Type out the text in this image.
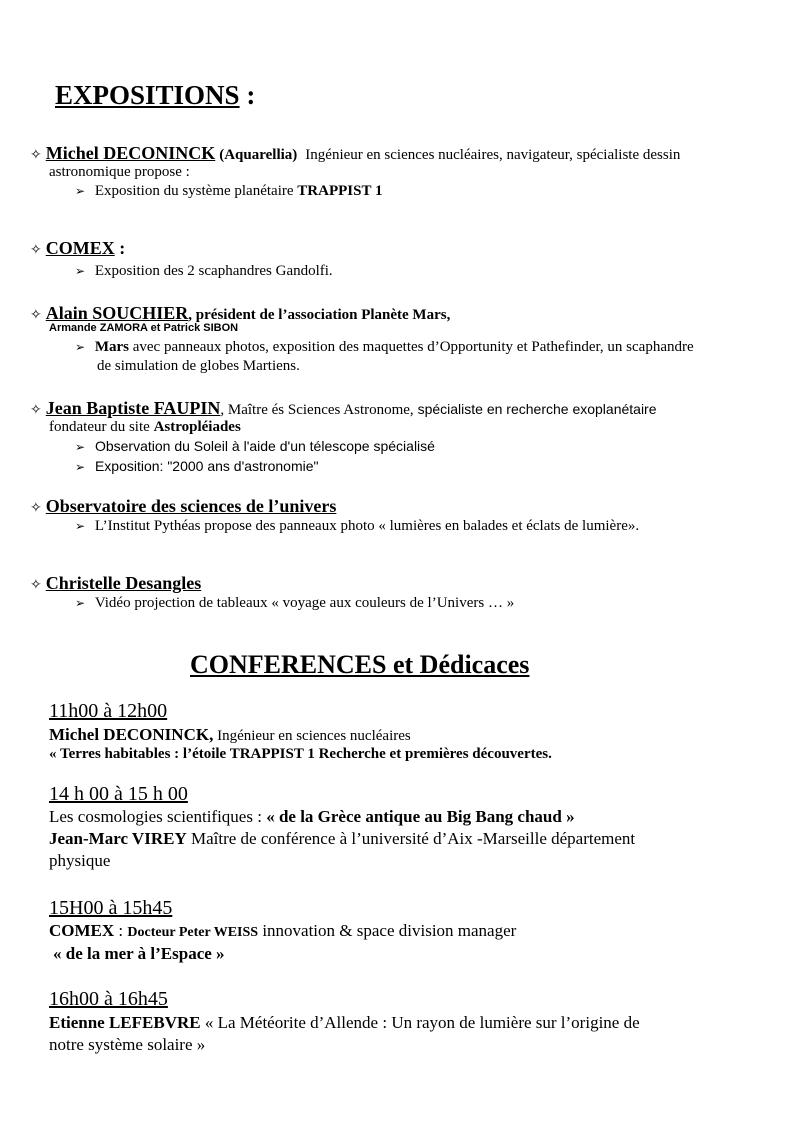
EXPOSITIONS :
✧ Michel DECONINCK (Aquarellia) Ingénieur en sciences nucléaires, navigateur, spécialiste dessin
astronomique propose :
➢ Exposition du système planétaire TRAPPIST 1
✧ COMEX :
➢ Exposition des 2 scaphandres Gandolfi.
✧ Alain SOUCHIER, président de l’association Planète Mars,
Armande ZAMORA et Patrick SIBON
➢ Mars avec panneaux photos, exposition des maquettes d’Opportunity et Pathefinder, un scaphandre
de simulation de globes Martiens.
✧ Jean Baptiste FAUPIN, Maître és Sciences Astronome, spécialiste en recherche exoplanétaire
fondateur du site Astropléiades
➢ Observation du Soleil à l'aide d'un télescope spécialisé
➢ Exposition: "2000 ans d'astronomie"
✧ Observatoire des sciences de l’univers
➢ L’Institut Pythéas propose des panneaux photo « lumières en balades et éclats de lumière».
✧ Christelle Desangles
➢ Vidéo projection de tableaux « voyage aux couleurs de l’Univers … »
CONFERENCES et Dédicaces
11h00 à 12h00
Michel DECONINCK, Ingénieur en sciences nucléaires
« Terres habitables : l’étoile TRAPPIST 1 Recherche et premières découvertes.
14 h 00 à 15 h 00
Les cosmologies scientifiques : « de la Grèce antique au Big Bang chaud »
Jean-Marc VIREY Maître de conférence à l’université d’Aix -Marseille département
physique
15H00 à 15h45
COMEX : Docteur Peter WEISS innovation & space division manager
« de la mer à l’Espace »
16h00 à 16h45
Etienne LEFEBVRE « La Météorite d’Allende : Un rayon de lumière sur l’origine de
notre système solaire »
